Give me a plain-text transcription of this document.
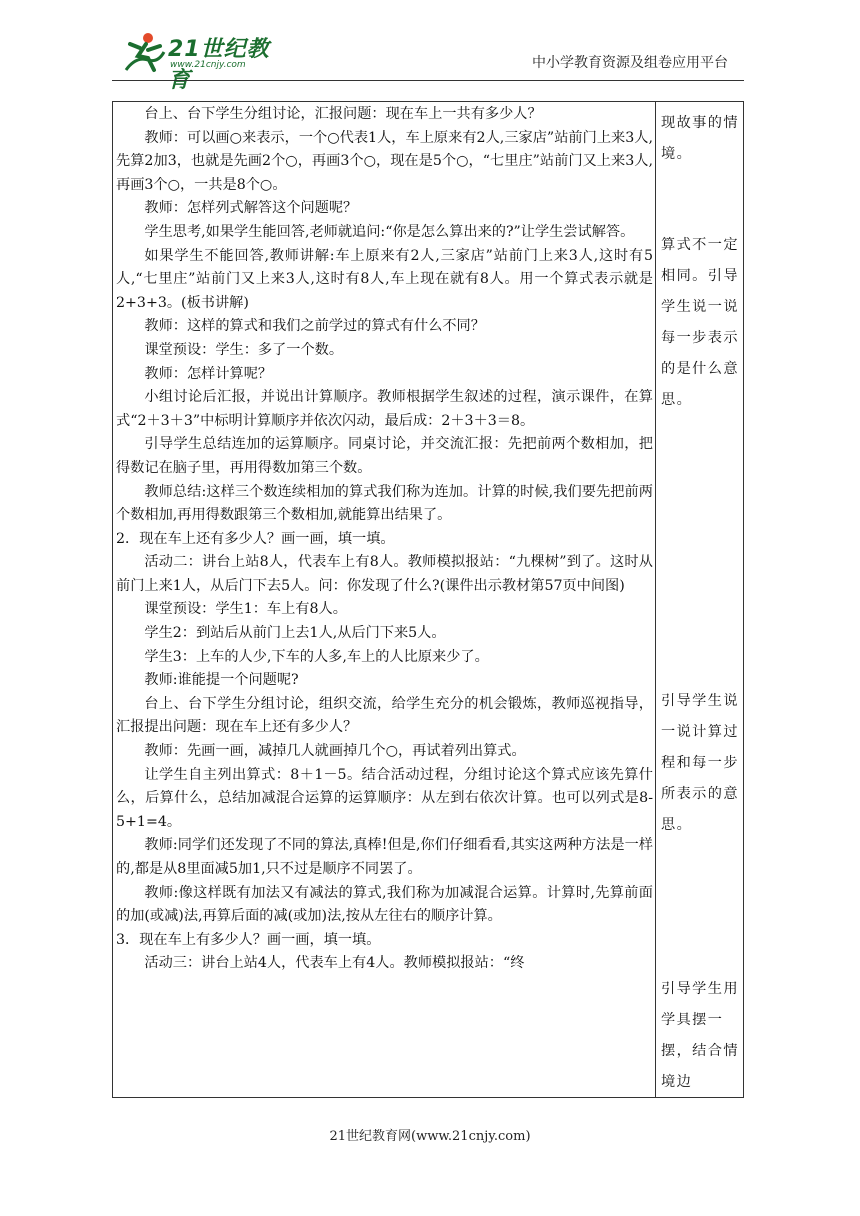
21世纪教育
www.21cnjy.com	中小学教育资源及组卷应用平台

台上、台下学生分组讨论，汇报问题：现在车上一共有多少人？

教师：可以画○来表示，一个○代表1人，车上原来有2人,三家店”站前门上来3人,先算2加3，也就是先画2个○，再画3个○，现在是5个○，“七里庄”站前门又上来3人,再画3个○，一共是8个○。

教师：怎样列式解答这个问题呢？

学生思考,如果学生能回答,老师就追问:“你是怎么算出来的?”让学生尝试解答。

如果学生不能回答,教师讲解:车上原来有2人,三家店”站前门上来3人,这时有5人,“七里庄”站前门又上来3人,这时有8人,车上现在就有8人。用一个算式表示就是2+3+3。(板书讲解)

教师：这样的算式和我们之前学过的算式有什么不同？

课堂预设：学生：多了一个数。

教师：怎样计算呢？

小组讨论后汇报，并说出计算顺序。教师根据学生叙述的过程，演示课件，在算式“2＋3＋3”中标明计算顺序并依次闪动，最后成：2＋3＋3＝8。

引导学生总结连加的运算顺序。同桌讨论，并交流汇报：先把前两个数相加，把得数记在脑子里，再用得数加第三个数。

教师总结:这样三个数连续相加的算式我们称为连加。计算的时候,我们要先把前两个数相加,再用得数跟第三个数相加,就能算出结果了。

2．现在车上还有多少人？画一画，填一填。

活动二：讲台上站8人，代表车上有8人。教师模拟报站：“九棵树”到了。这时从前门上来1人，从后门下去5人。问：你发现了什么?(课件出示教材第57页中间图)

课堂预设：学生1：车上有8人。

学生2：到站后从前门上去1人,从后门下来5人。

学生3：上车的人少,下车的人多,车上的人比原来少了。

教师:谁能提一个问题呢?

台上、台下学生分组讨论，组织交流，给学生充分的机会锻炼，教师巡视指导，汇报提出问题：现在车上还有多少人？

教师：先画一画，减掉几人就画掉几个○，再试着列出算式。

让学生自主列出算式：8＋1－5。结合活动过程，分组讨论这个算式应该先算什么，后算什么，总结加减混合运算的运算顺序：从左到右依次计算。也可以列式是8-5+1=4。

教师:同学们还发现了不同的算法,真棒!但是,你们仔细看看,其实这两种方法是一样的,都是从8里面减5加1,只不过是顺序不同罢了。

教师:像这样既有加法又有减法的算式,我们称为加减混合运算。计算时,先算前面的加(或减)法,再算后面的减(或加)法,按从左往右的顺序计算。

3．现在车上有多少人？画一画，填一填。

活动三：讲台上站4人，代表车上有4人。教师模拟报站：“终

现故事的情境。
算式不一定相同。引导学生说一说每一步表示的是什么意思。
引导学生说一说计算过程和每一步所表示的意思。
引导学生用学具摆一摆，结合情境边
21世纪教育网(www.21cnjy.com)
